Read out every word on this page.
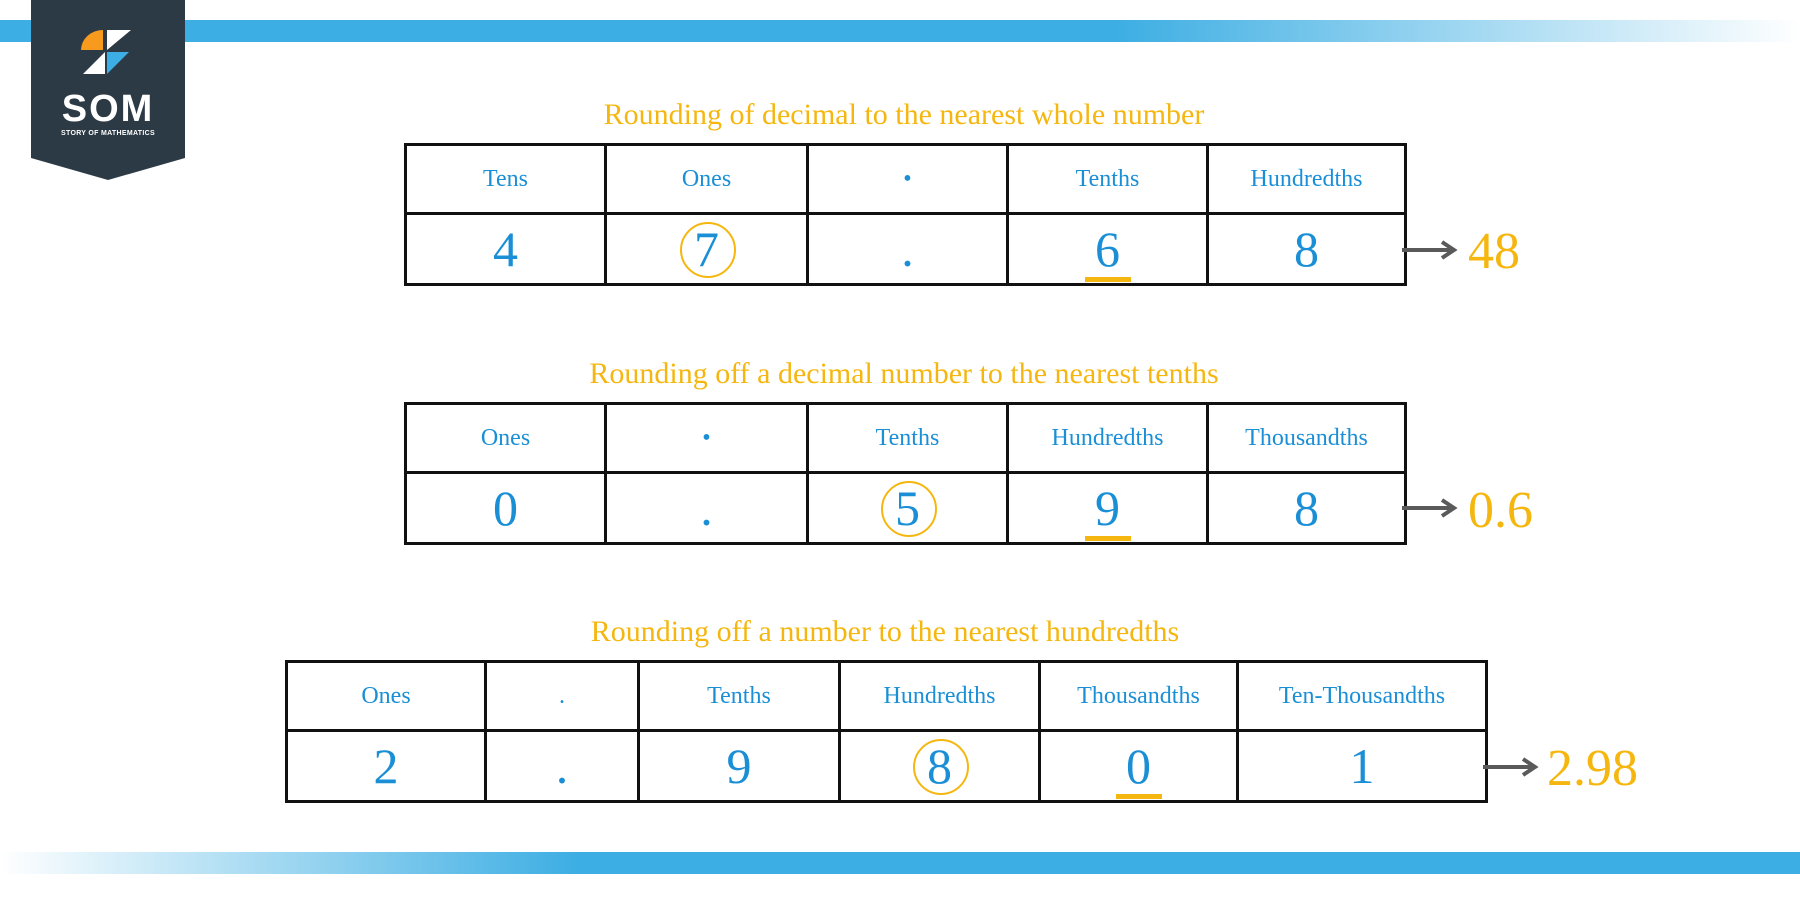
SOM
STORY OF MATHEMATICS
Rounding of decimal to the nearest whole number
Tens	Ones	•	Tenths	Hundredths
4	7	.	6	8	48
Rounding off a decimal number to the nearest tenths
Ones	•	Tenths	Hundredths	Thousandths
0	.	5	9	8	0.6
Rounding off a number to the nearest hundredths
Ones	.	Tenths	Hundredths	Thousandths	Ten-Thousandths
2	.	9	8	0	1	2.98
